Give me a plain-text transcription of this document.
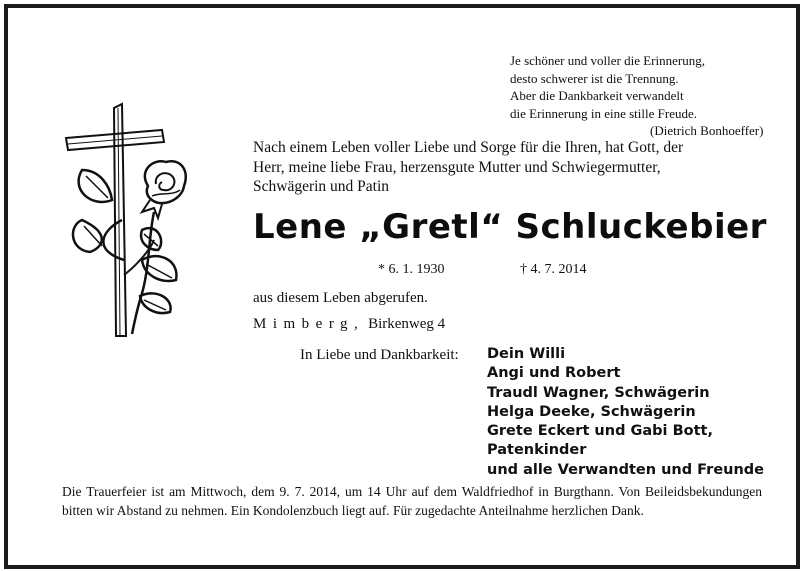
Je schöner und voller die Erinnerung,
desto schwerer ist die Trennung.
Aber die Dankbarkeit verwandelt
die Erinnerung in eine stille Freude.
(Dietrich Bonhoeffer)
Nach einem Leben voller Liebe und Sorge für die Ihren, hat Gott, der
Herr, meine liebe Frau, herzensgute Mutter und Schwiegermutter,
Schwägerin und Patin
Lene „Gretl“ Schluckebier
* 6. 1. 1930	† 4. 7. 2014
aus diesem Leben abgerufen.
Mimberg, Birkenweg 4
In Liebe und Dankbarkeit: Dein Willi
Angi und Robert
Traudl Wagner, Schwägerin
Helga Deeke, Schwägerin
Grete Eckert und Gabi Bott,
Patenkinder
und alle Verwandten und Freunde
Die Trauerfeier ist am Mittwoch, dem 9. 7. 2014, um 14 Uhr auf dem Waldfriedhof in Burgthann. Von Beileidsbekundungen bitten wir Abstand zu nehmen. Ein Kondolenzbuch liegt auf. Für zugedachte Anteilnahme herzlichen Dank.
